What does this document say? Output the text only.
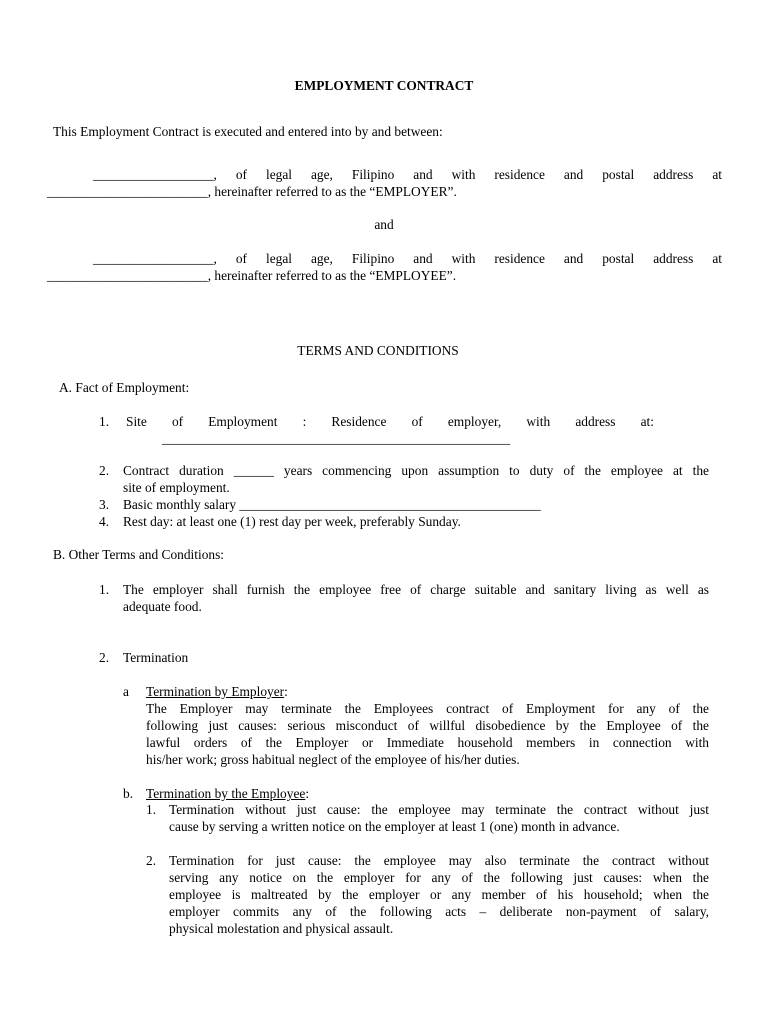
EMPLOYMENT CONTRACT
This Employment Contract is executed and entered into by and between:
__________________, of legal age, Filipino and with residence and postal address at
________________________, hereinafter referred to as the “EMPLOYER”.
and
__________________, of legal age, Filipino and with residence and postal address at
________________________, hereinafter referred to as the “EMPLOYEE”.
TERMS AND CONDITIONS
A. Fact of Employment:
1. Site of Employment : Residence of employer, with address at:
____________________________________________________
2. Contract duration ______ years commencing upon assumption to duty of the employee at the
site of employment.
3. Basic monthly salary _____________________________________________
4. Rest day: at least one (1) rest day per week, preferably Sunday.
B. Other Terms and Conditions:
1. The employer shall furnish the employee free of charge suitable and sanitary living as well as
adequate food.
2. Termination
a Termination by Employer:
The Employer may terminate the Employees contract of Employment for any of the
following just causes: serious misconduct of willful disobedience by the Employee of the
lawful orders of the Employer or Immediate household members in connection with
his/her work; gross habitual neglect of the employee of his/her duties.
b. Termination by the Employee:
1. Termination without just cause: the employee may terminate the contract without just
cause by serving a written notice on the employer at least 1 (one) month in advance.
2. Termination for just cause: the employee may also terminate the contract without
serving any notice on the employer for any of the following just causes: when the
employee is maltreated by the employer or any member of his household; when the
employer commits any of the following acts – deliberate non-payment of salary,
physical molestation and physical assault.
